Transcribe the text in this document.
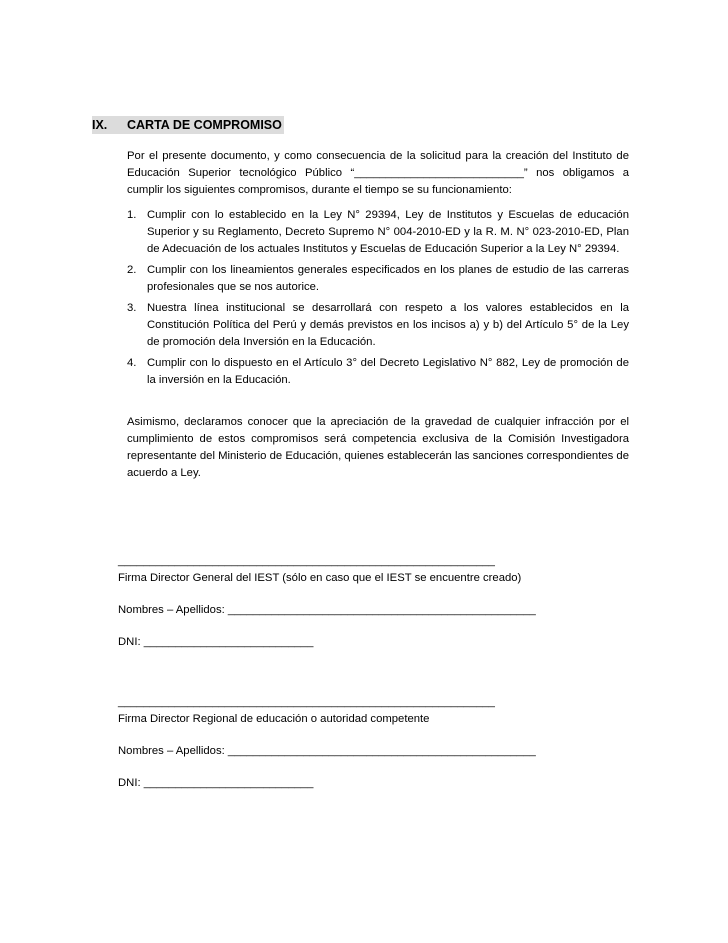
IX.	CARTA DE COMPROMISO
Por el presente documento, y como consecuencia de la solicitud para la creación del Instituto de Educación Superior tecnológico Público “___________________________” nos obligamos a cumplir los siguientes compromisos, durante el tiempo se su funcionamiento:
1. Cumplir con lo establecido en la Ley N° 29394, Ley de Institutos y Escuelas de educación Superior y su Reglamento, Decreto Supremo N° 004-2010-ED y la R. M. N° 023-2010-ED, Plan de Adecuación de los actuales Institutos y Escuelas de Educación Superior a la Ley N° 29394.
2. Cumplir con los lineamientos generales especificados en los planes de estudio de las carreras profesionales que se nos autorice.
3. Nuestra línea institucional se desarrollará con respeto a los valores establecidos en la Constitución Política del Perú y demás previstos en los incisos a) y b) del Artículo 5° de la Ley de promoción dela Inversión en la Educación.
4. Cumplir con lo dispuesto en el Artículo 3° del Decreto Legislativo N° 882, Ley de promoción de la inversión en la Educación.
Asimismo, declaramos conocer que la apreciación de la gravedad de cualquier infracción por el cumplimiento de estos compromisos será competencia exclusiva de la Comisión Investigadora representante del Ministerio de Educación, quienes establecerán las sanciones correspondientes de acuerdo a Ley.
____________________________________________________________
Firma Director General del IEST (sólo en caso que el IEST se encuentre creado)
Nombres – Apellidos: _________________________________________________
DNI: ___________________________
____________________________________________________________
Firma Director Regional de educación o autoridad competente
Nombres – Apellidos: _________________________________________________
DNI: ___________________________
